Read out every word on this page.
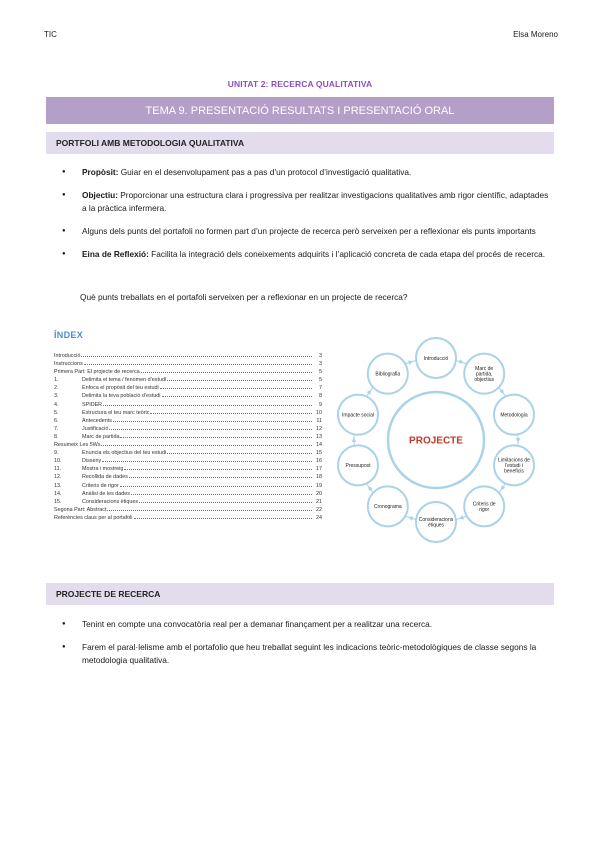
TIC	Elsa Moreno
UNITAT 2: RECERCA QUALITATIVA
TEMA 9. PRESENTACIÓ RESULTATS I PRESENTACIÓ ORAL
PORTFOLI AMB METODOLOGIA QUALITATIVA
● Propòsit: Guiar en el desenvolupament pas a pas d’un protocol d’investigació qualitativa.
● Objectiu: Proporcionar una estructura clara i progressiva per realitzar investigacions qualitatives amb rigor científic, adaptades a la pràctica infermera.
● Alguns dels punts del portafoli no formen part d’un projecte de recerca però serveixen per a reflexionar els punts importants
● Eina de Reflexió: Facilita la integració dels coneixements adquirits i l’aplicació concreta de cada etapa del procés de recerca.
Què punts treballats en el portafoli serveixen per a reflexionar en un projecte de recerca?
ÍNDEX
Introducció	3
Instruccions	3
Primera Part: El projecte de recerca	5
1.	Delimita el tema / fenomen d’estudi	5
2.	Enfoca el propòsit del teu estudi	7
3.	Delimita la teva població d’estudi	8
4.	SPIDER	9
5.	Estructura el teu marc teòric	10
6.	Antecedents	11
7.	Justificació	12
8.	Marc de partida	13
Resumeix Les 5Ws	14
9.	Enuncia els objectius del teu estudi	15
10.	Disseny	16
11.	Mostra i mostreig	17
12.	Recollida de dades	18
13.	Criteris de rigor	19
14.	Anàlisi de les dades	20
15.	Consideracions ètiques	21
Segona Part: Abstract	22
Referències claus per al portafoli	24
PROJECTE
Introducció
Marc de
partida,
objectius
Metodologia
Limitacions de
l'estudi i
beneficis
Criteris de
rigor
Consideracions
ètiques
Cronograma
Pressupost
Impacte social
Bibliografia
PROJECTE DE RECERCA
● Tenint en compte una convocatòria real per a demanar finançament per a realitzar una recerca.
● Farem el paral·lelisme amb el portafolio que heu treballat seguint les indicacions teòric-metodològiques de classe segons la metodologia qualitativa.
